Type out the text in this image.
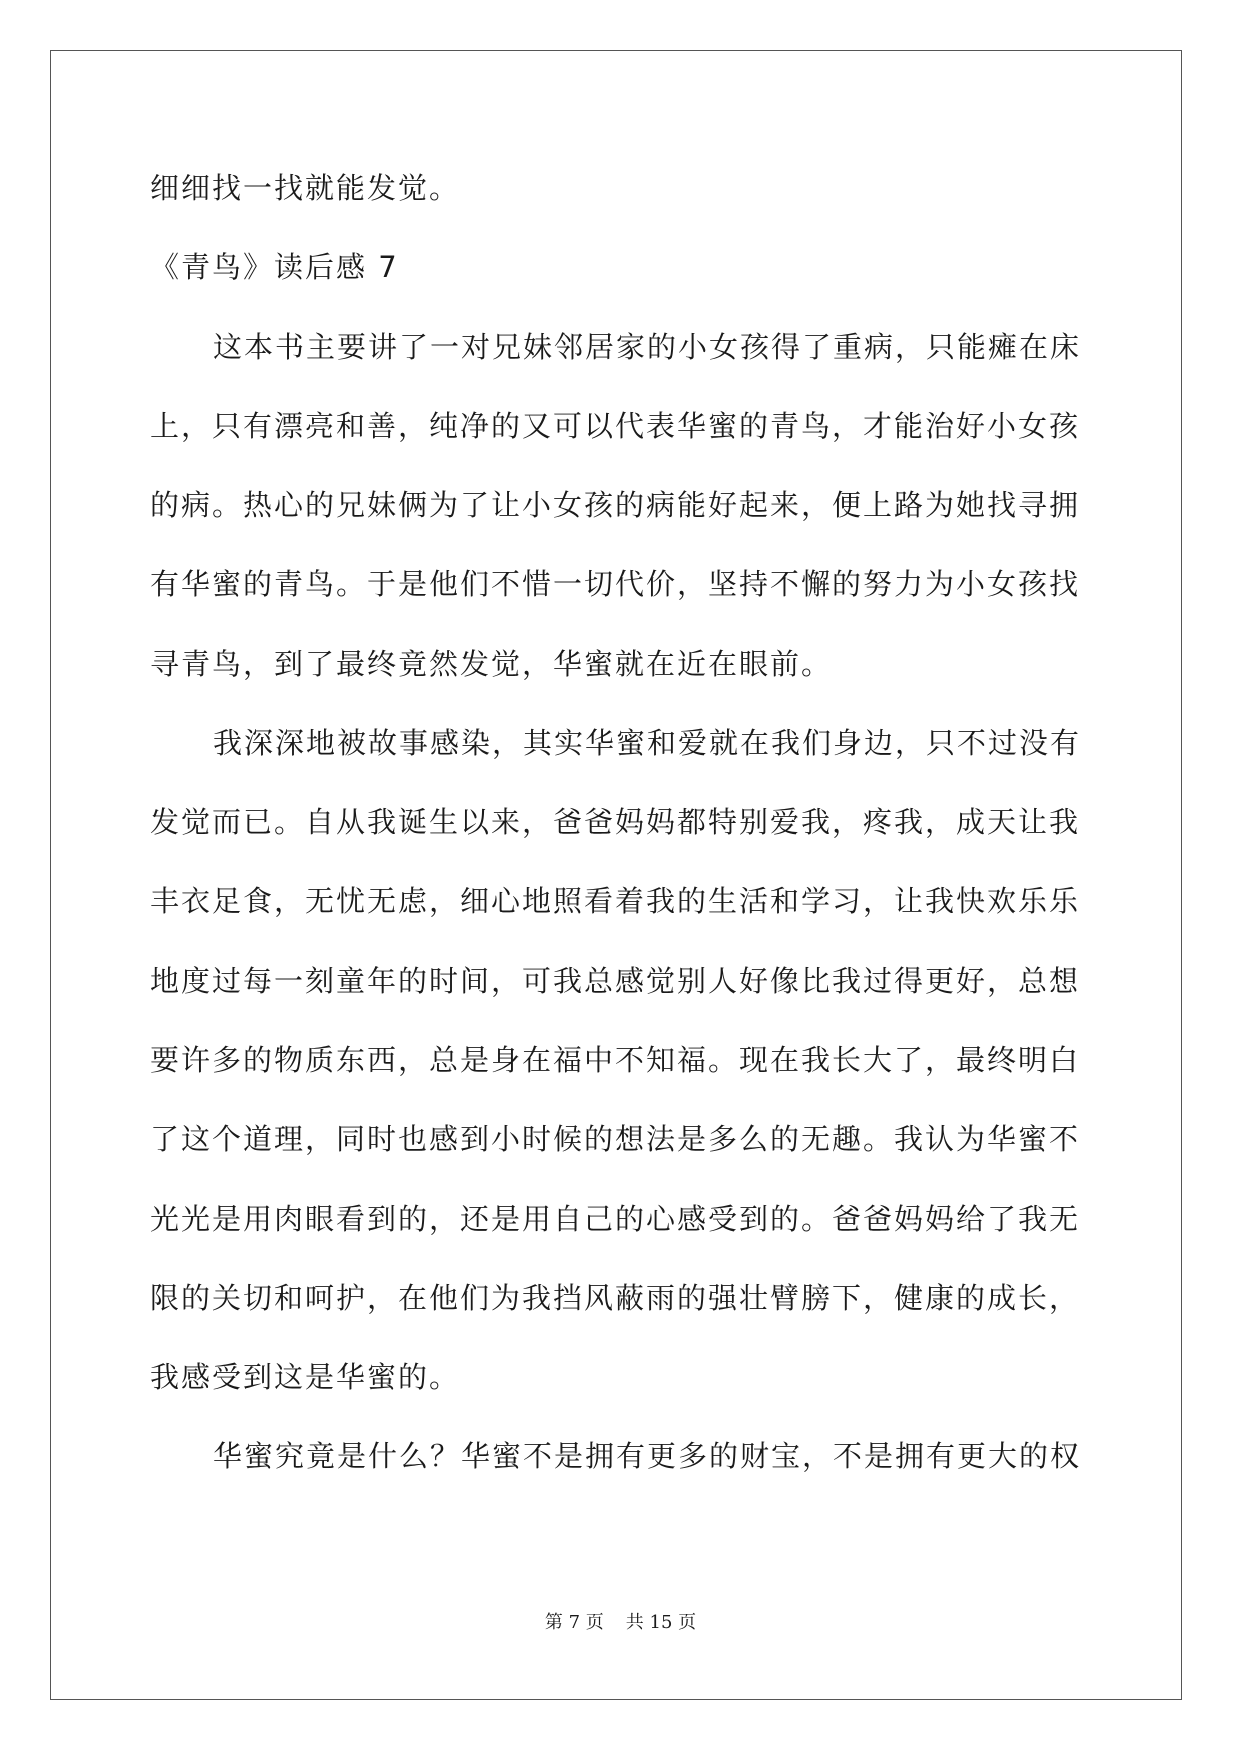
细细找一找就能发觉。
《青鸟》读后感 7
这本书主要讲了一对兄妹邻居家的小女孩得了重病，只能瘫在床
上，只有漂亮和善，纯净的又可以代表华蜜的青鸟，才能治好小女孩
的病。热心的兄妹俩为了让小女孩的病能好起来，便上路为她找寻拥
有华蜜的青鸟。于是他们不惜一切代价，坚持不懈的努力为小女孩找
寻青鸟，到了最终竟然发觉，华蜜就在近在眼前。
我深深地被故事感染，其实华蜜和爱就在我们身边，只不过没有
发觉而已。自从我诞生以来，爸爸妈妈都特别爱我，疼我，成天让我
丰衣足食，无忧无虑，细心地照看着我的生活和学习，让我快欢乐乐
地度过每一刻童年的时间，可我总感觉别人好像比我过得更好，总想
要许多的物质东西，总是身在福中不知福。现在我长大了，最终明白
了这个道理，同时也感到小时候的想法是多么的无趣。我认为华蜜不
光光是用肉眼看到的，还是用自己的心感受到的。爸爸妈妈给了我无
限的关切和呵护，在他们为我挡风蔽雨的强壮臂膀下，健康的成长，
我感受到这是华蜜的。
华蜜究竟是什么？华蜜不是拥有更多的财宝，不是拥有更大的权
第 7 页 共 15 页
